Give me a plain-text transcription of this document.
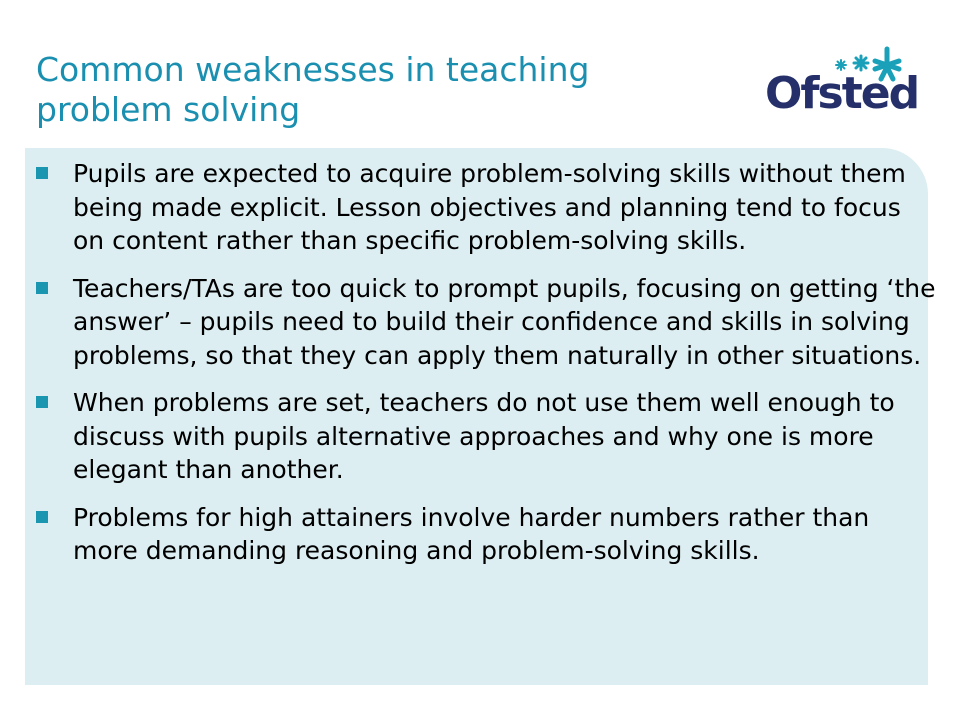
Common weaknesses in teaching
problem solving	Ofsted
Pupils are expected to acquire problem-solving skills without them being made explicit. Lesson objectives and planning tend to focus on content rather than specific problem-solving skills.
Teachers/TAs are too quick to prompt pupils, focusing on getting ‘the answer’ – pupils need to build their confidence and skills in solving problems, so that they can apply them naturally in other situations.
When problems are set, teachers do not use them well enough to discuss with pupils alternative approaches and why one is more elegant than another.
Problems for high attainers involve harder numbers rather than more demanding reasoning and problem-solving skills.
